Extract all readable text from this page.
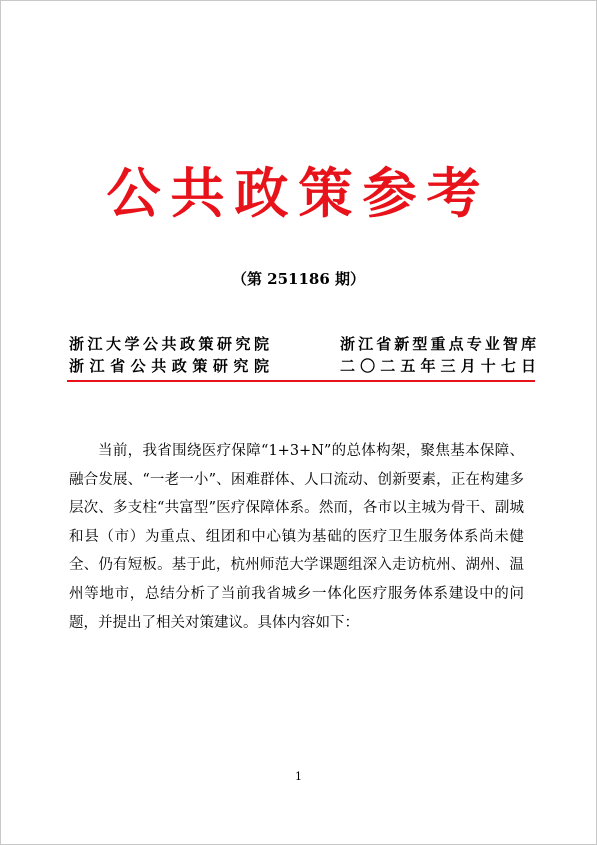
公共政策参考
（第 251186 期）
浙江大学公共政策研究院	浙江省新型重点专业智库
浙江省公共政策研究院	二〇二五年三月十七日

当前，我省围绕医疗保障“1+3+N”的总体构架，聚焦基本保障、融合发展、“一老一小”、困难群体、人口流动、创新要素，正在构建多层次、多支柱“共富型”医疗保障体系。然而，各市以主城为骨干、副城和县（市）为重点、组团和中心镇为基础的医疗卫生服务体系尚未健全、仍有短板。基于此，杭州师范大学课题组深入走访杭州、湖州、温州等地市，总结分析了当前我省城乡一体化医疗服务体系建设中的问题，并提出了相关对策建议。具体内容如下：

1
